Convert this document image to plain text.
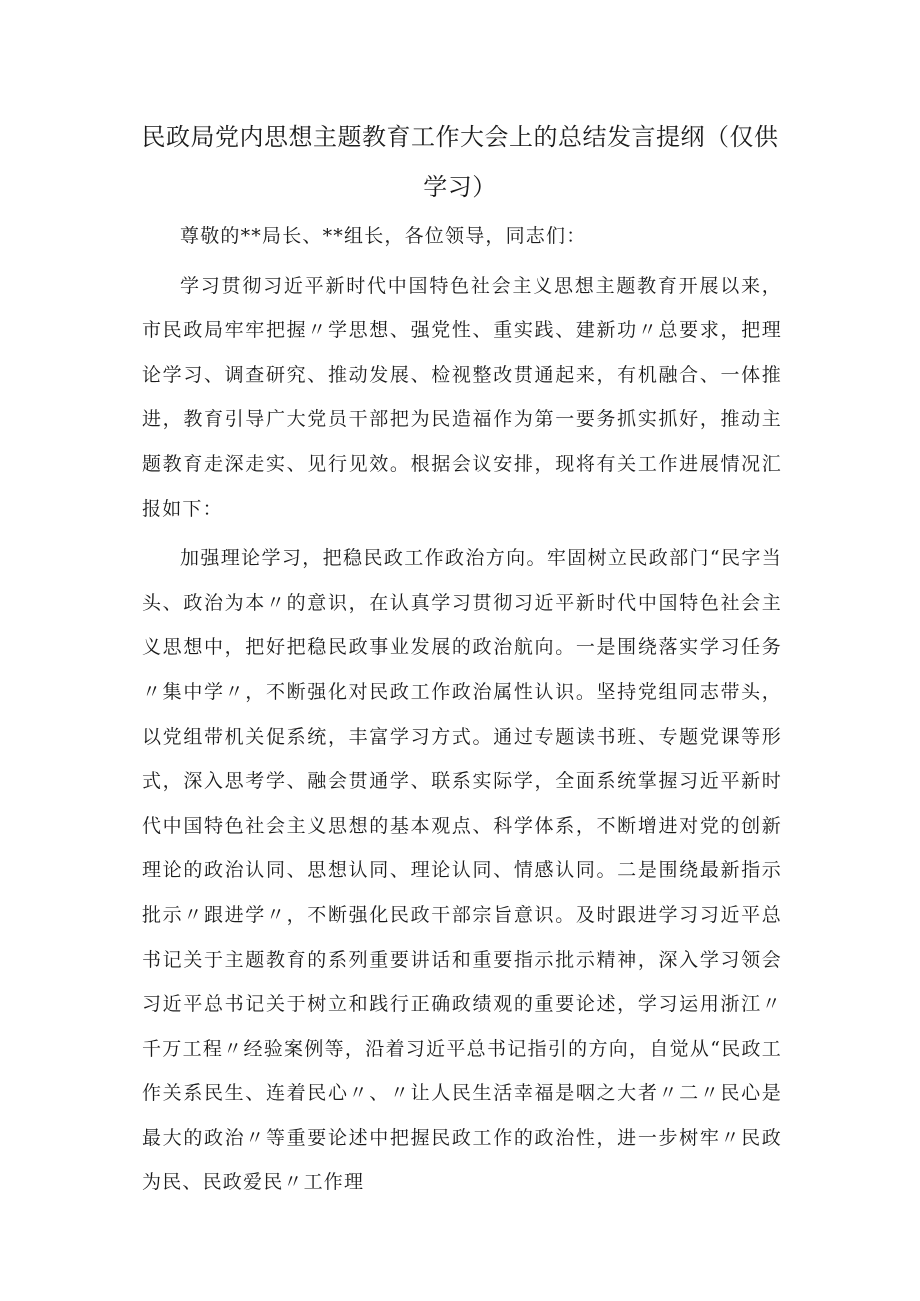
民政局党内思想主题教育工作大会上的总结发言提纲（仅供学习）

尊敬的**局长、**组长，各位领导，同志们：

学习贯彻习近平新时代中国特色社会主义思想主题教育开展以来，市民政局牢牢把握〃学思想、强党性、重实践、建新功〃总要求，把理论学习、调查研究、推动发展、检视整改贯通起来，有机融合、一体推进，教育引导广大党员干部把为民造福作为第一要务抓实抓好，推动主题教育走深走实、见行见效。根据会议安排，现将有关工作进展情况汇报如下：

加强理论学习，把稳民政工作政治方向。牢固树立民政部门“民字当头、政治为本〃的意识，在认真学习贯彻习近平新时代中国特色社会主义思想中，把好把稳民政事业发展的政治航向。一是围绕落实学习任务〃集中学〃，不断强化对民政工作政治属性认识。坚持党组同志带头，以党组带机关促系统，丰富学习方式。通过专题读书班、专题党课等形式，深入思考学、融会贯通学、联系实际学，全面系统掌握习近平新时代中国特色社会主义思想的基本观点、科学体系，不断增进对党的创新理论的政治认同、思想认同、理论认同、情感认同。二是围绕最新指示批示〃跟进学〃，不断强化民政干部宗旨意识。及时跟进学习习近平总书记关于主题教育的系列重要讲话和重要指示批示精神，深入学习领会习近平总书记关于树立和践行正确政绩观的重要论述，学习运用浙江〃千万工程〃经验案例等，沿着习近平总书记指引的方向，自觉从“民政工作关系民生、连着民心〃、〃让人民生活幸福是咽之大者〃二〃民心是最大的政治〃等重要论述中把握民政工作的政治性，进一步树牢〃民政为民、民政爱民〃工作理
